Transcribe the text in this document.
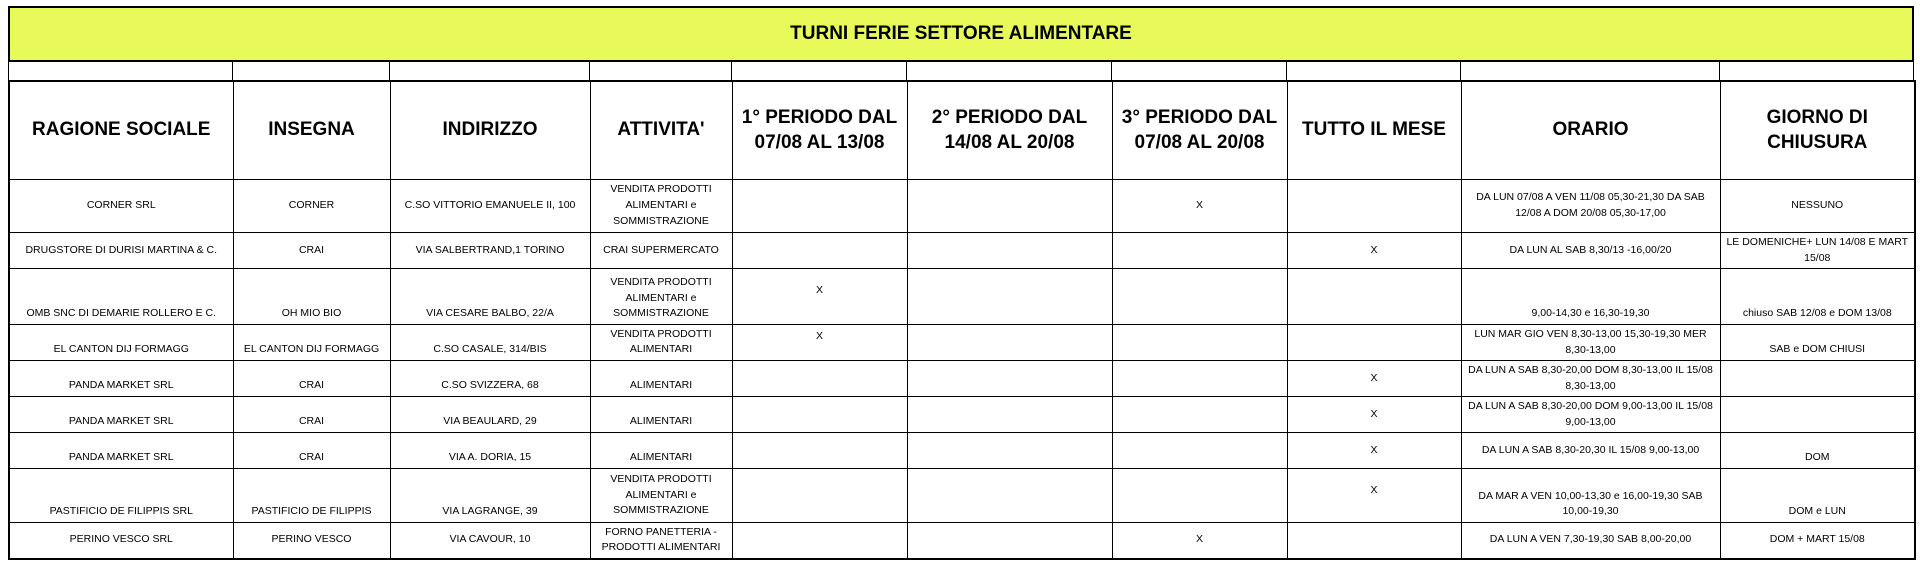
TURNI FERIE SETTORE ALIMENTARE
RAGIONE SOCIALE	INSEGNA	INDIRIZZO	ATTIVITA'	1° PERIODO DAL 07/08 AL 13/08	2° PERIODO DAL 14/08 AL 20/08	3° PERIODO DAL 07/08 AL 20/08	TUTTO IL MESE	ORARIO	GIORNO DI CHIUSURA
CORNER SRL	CORNER	C.SO VITTORIO EMANUELE II, 100	VENDITA PRODOTTI ALIMENTARI e SOMMISTRAZIONE			X		DA LUN 07/08 A VEN 11/08 05,30-21,30 DA SAB 12/08 A DOM 20/08 05,30-17,00	NESSUNO
DRUGSTORE DI DURISI MARTINA & C.	CRAI	VIA SALBERTRAND,1 TORINO	CRAI SUPERMERCATO				X	DA LUN AL SAB 8,30/13 -16,00/20	LE DOMENICHE+ LUN 14/08 E MART 15/08
OMB SNC DI DEMARIE ROLLERO E C.	OH MIO BIO	VIA CESARE BALBO, 22/A	VENDITA PRODOTTI ALIMENTARI e SOMMISTRAZIONE	X				9,00-14,30 e 16,30-19,30	chiuso SAB 12/08 e DOM 13/08
EL CANTON DIJ FORMAGG	EL CANTON DIJ FORMAGG	C.SO CASALE, 314/BIS	VENDITA PRODOTTI ALIMENTARI	X				LUN MAR GIO VEN 8,30-13,00 15,30-19,30 MER 8,30-13,00	SAB e DOM CHIUSI
PANDA MARKET SRL	CRAI	C.SO SVIZZERA, 68	ALIMENTARI				X	DA LUN A SAB 8,30-20,00 DOM 8,30-13,00 IL 15/08 8,30-13,00	
PANDA MARKET SRL	CRAI	VIA BEAULARD, 29	ALIMENTARI				X	DA LUN A SAB 8,30-20,00 DOM 9,00-13,00 IL 15/08 9,00-13,00	
PANDA MARKET SRL	CRAI	VIA A. DORIA, 15	ALIMENTARI				X	DA LUN A SAB 8,30-20,30 IL 15/08 9,00-13,00	DOM
PASTIFICIO DE FILIPPIS SRL	PASTIFICIO DE FILIPPIS	VIA LAGRANGE, 39	VENDITA PRODOTTI ALIMENTARI e SOMMISTRAZIONE				X	DA MAR A VEN 10,00-13,30 e 16,00-19,30 SAB 10,00-19,30	DOM e LUN
PERINO VESCO SRL	PERINO VESCO	VIA CAVOUR, 10	FORNO PANETTERIA - PRODOTTI ALIMENTARI			X		DA LUN A VEN 7,30-19,30 SAB 8,00-20,00	DOM + MART 15/08
